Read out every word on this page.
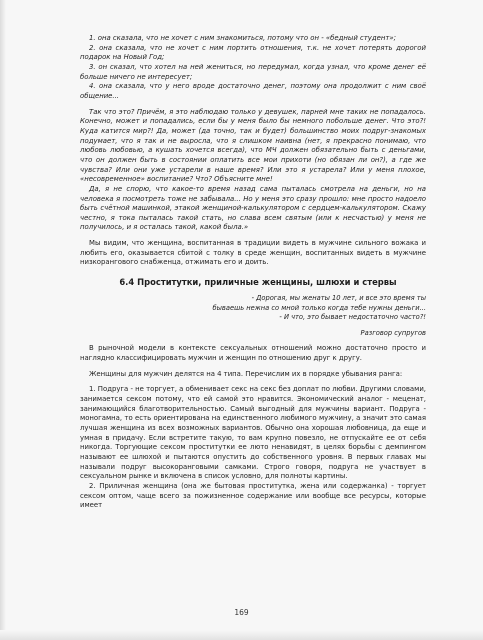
1. она сказала, что не хочет с ним знакомиться, потому что он - «бедный студент»;

2. она сказала, что не хочет с ним портить отношения, т.к. не хочет потерять дорогой подарок на Новый Год;

3. он сказал, что хотел на ней жениться, но передумал, когда узнал, что кроме денег её больше ничего не интересует;

4. она сказала, что у него вроде достаточно денег, поэтому она продолжит с ним своё общение...

Так что это? Причём, я это наблюдаю только у девушек, парней мне таких не попадалось. Конечно, может и попадались, если бы у меня было бы немного побольше денег. Что это?! Куда катится мир?! Да, может (да точно, так и будет) большинство моих подруг-знакомых подумает, что я так и не выросла, что я слишком наивна (нет, я прекрасно понимаю, что любовь любовью, а кушать хочется всегда), что МЧ должен обязательно быть с деньгами, что он должен быть в состоянии оплатить все мои прихоти (но обязан ли он?), а где же чувства? Или они уже устарели в наше время? Или это я устарела? Или у меня плохое, «несовременное» воспитание? Что? Объясните мне!

Да, я не спорю, что какое-то время назад сама пыталась смотрела на деньги, но на человека я посмотреть тоже не забывала... Но у меня это сразу прошло: мне просто надоело быть счётной машинкой, этакой женщиной-калькулятором с сердцем-калькулятором. Скажу честно, я тока пыталась такой стать, но слава всем святым (или к несчастью) у меня не получилось, и я осталась такой, какой была.»

Мы видим, что женщина, воспитанная в традиции видеть в мужчине сильного вожака и любить его, оказывается сбитой с толку в среде женщин, воспитанных видеть в мужчине низкорангового снабженца, отжимать его и доить.

6.4 Проститутки, приличные женщины, шлюхи и стервы

- Дорогая, мы женаты 10 лет, и все это время ты

бываешь нежна со мной только когда тебе нужны деньги...

- И что, это бывает недостаточно часто?!

Разговор супругов

В рыночной модели в контексте сексуальных отношений можно достаточно просто и наглядно классифицировать мужчин и женщин по отношению друг к другу.

Женщины для мужчин делятся на 4 типа. Перечислим их в порядке убывания ранга:

1. Подруга - не торгует, а обменивает секс на секс без доплат по любви. Другими словами, занимается сексом потому, что ей самой это нравится. Экономический аналог - меценат, занимающийся благотворительностью. Самый выгодный для мужчины вариант. Подруга - моногамна, то есть ориентирована на единственного любимого мужчину, а значит это самая лучшая женщина из всех возможных вариантов. Обычно она хорошая любовница, да еще и умная в придачу. Если встретите такую, то вам крупно повезло, не отпускайте ее от себя никогда. Торгующие сексом проститутки ее люто ненавидят, в целях борьбы с демпингом называют ее шлюхой и пытаются опустить до собственного уровня. В первых главах мы называли подруг высокоранговыми самками. Строго говоря, подруга не участвует в сексуальном рынке и включена в список условно, для полноты картины.

2. Приличная женщина (она же бытовая проститутка, жена или содержанка) - торгует сексом оптом, чаще всего за пожизненное содержание или вообще все ресурсы, которые имеет

169
